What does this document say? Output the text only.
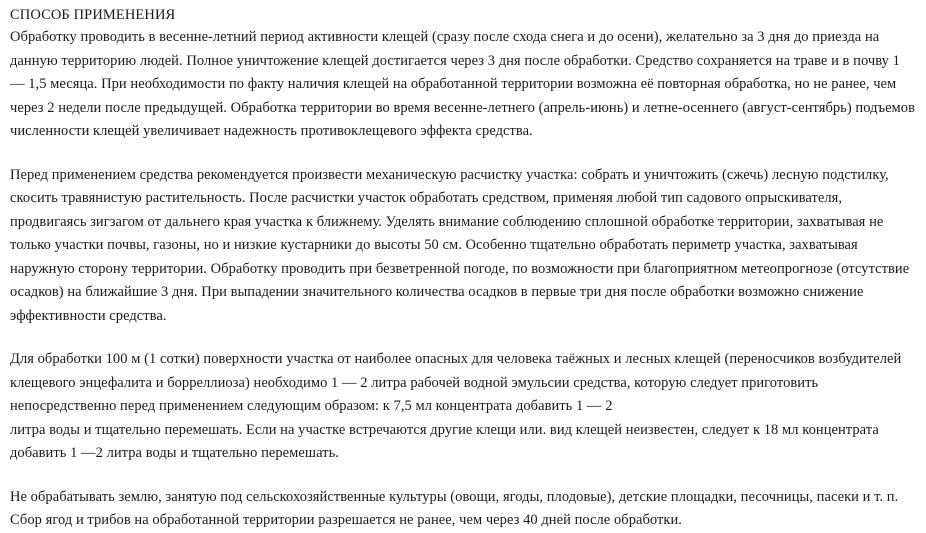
СПОСОБ ПРИМЕНЕНИЯ

Обработку проводить в весенне-летний период активности клещей (сразу после схода снега и до осени), желательно за 3 дня до приезда на данную территорию людей. Полное уничтожение клещей достигается через 3 дня после обработки. Средство сохраняется на траве и в почву 1 — 1,5 месяца. При необходимости по факту наличия клещей на обработанной территории возможна её повторная обработка, но не ранее, чем через 2 недели после предыдущей. Обработка территории во время весенне-летнего (апрель-июнь) и летне-осеннего (август-сентябрь) подъемов численности клещей увеличивает надежность противоклещевого эффекта средства.

Перед применением средства рекомендуется произвести механическую расчистку участка: собрать и уничтожить (сжечь) лесную подстилку, скосить травянистую растительность. После расчистки участок обработать средством, применяя любой тип садового опрыскивателя, продвигаясь зигзагом от дальнего края участка к ближнему. Уделять внимание соблюдению сплошной обработке территории, захватывая не только участки почвы, газоны, но и низкие кустарники до высоты 50 см. Особенно тщательно обработать перимeтр участка, захватывая наружную сторону территории. Обработку проводить при безветренной погоде, по возможности при благоприятном метеопрогнозе (отсутствие осадков) на ближайшие 3 дня. При выпадении значительного количества осадков в первые три дня после обработки возможно снижение эффективности средства.

Для обработки 100 м (1 сотки) поверхности участка от наиболее опасных для человека таёжных и лесных клещей (переносчиков возбудителей клещевого энцефалита и борреллиоза) необходимо 1 — 2 литра рабочей водной эмульсии средства, которую следует приготовить непосредственно перед применением следующим образом: к 7,5 мл концентрата добавить 1 — 2

литра воды и тщательно перемешать. Если на участке встречаются другие клещи или. вид клещей неизвестен, следует к 18 мл концентрата добавить 1 —2 литра воды и тщательно перемешать.

Не обрабатывать землю, занятую под сельскохозяйственные культуры (овощи, ягоды, плодовые), детские площадки, песочницы, пасеки и т. п. Сбор ягод и трибов на обработанной территории разрешается не ранее, чем через 40 дней после обработки.
